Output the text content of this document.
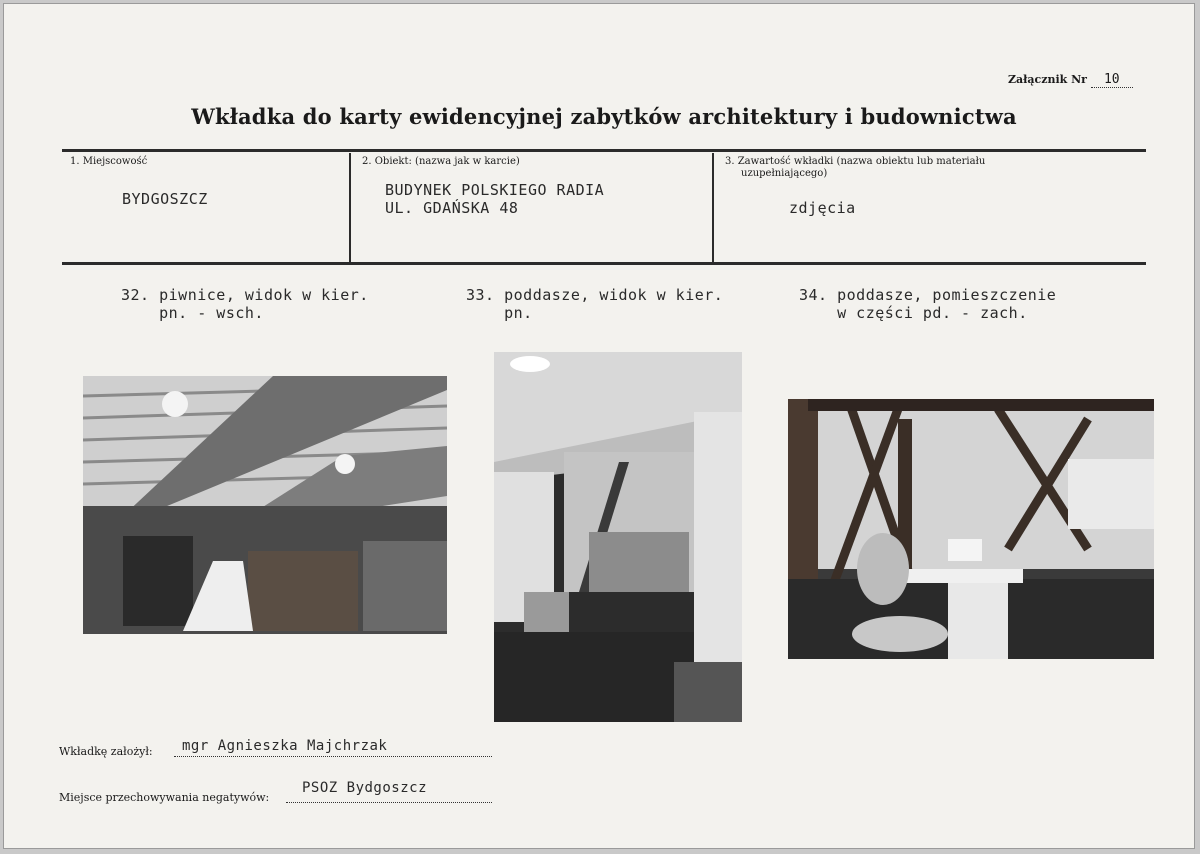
Załącznik Nr 10
Wkładka do karty ewidencyjnej zabytków architektury i budownictwa
1. Miejscowość
BYDGOSZCZ
2. Obiekt: (nazwa jak w karcie)
BUDYNEK POLSKIEGO RADIA
UL. GDAŃSKA 48
3. Zawartość wkładki (nazwa obiektu lub materiału
uzupełniającego)
zdjęcia
32. piwnice, widok w kier.
pn. - wsch.
33. poddasze, widok w kier.
pn.
34. poddasze, pomieszczenie
w części pd. - zach.
Wkładkę założył: mgr Agnieszka Majchrzak
Miejsce przechowywania negatywów:
PSOZ Bydgoszcz
